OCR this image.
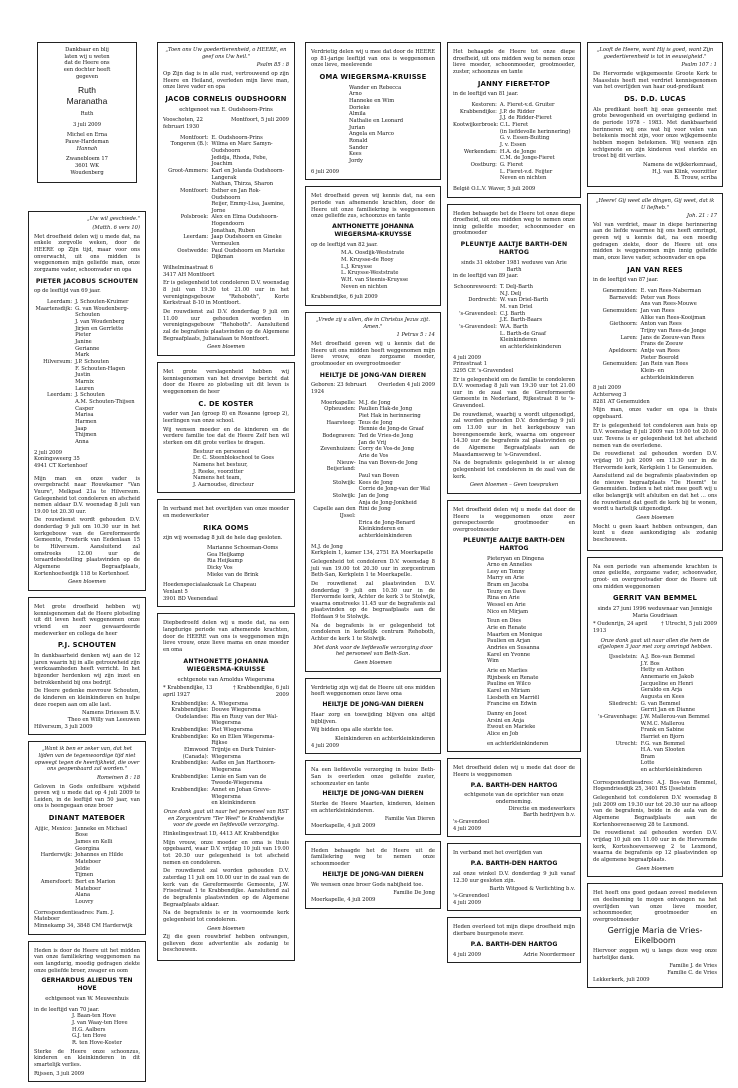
Dankbaar en blij
laten wij u weten
dat de Heere ons
een dochter heeft
gegeven
Ruth
Maranatha
Ruth
3 juli 2009
Michel en Erna
Pauw-Hardeman
Hannah
Zwanebloem 17
3601 WK
Woudenberg
„Uw wil geschiede."
(Matth. 6 vers 10)
Met droefheid delen wij u mede dat, na enkele zorgvolle weken, door de HEERE op Zijn tijd, maar voor ons onverwacht, uit ons midden is weggenomen mijn geliefde man, onze zorgzame vader, schoonvader en opa
PIETER JACOBUS SCHOUTEN
op de leeftijd van 69 jaar.
Leerdam: J. Schouten-Kruimer
Maartensdijk: G. van Woudenberg-Schouten
J. van Woudenberg
Jirjen en Gerrlette
Pieter
Janine
Gerianne
Mark
Hilversum: J.P. Schouten
F. Schouten-Hagen
Justin
Marnix
Lauren
Leerdam: J. Schouten
A.M. Schouten-Thijsen
Casper
Marisa
Harmen
Jaap
Thijmen
Anna
2 juli 2009
Koningsweerg 35
4941 CT Kortenhoef
Mijn man en onze vader is overgebracht naar Rouwkamer "Van Vuure", Melkpad 21a te Hilversum. Gelegenheid tot condoleren en afscheid nemen aldaar D.V. woensdag 8 juli van 19.00 tot 20.30 uur.
De rouwdienst wordt gehouden D.V. donderdag 9 juli om 10.30 uur in het kerkgebouw van de Gereformeerde Gemeente, Frederik van Eedenlaan 15 te Hilversum. Aansluitend zal omstreeks 12.00 uur de teraardebestelling plaatsvinden op de Algemene Begraafplaats, Kortenhoefsedijk 118 te Kortenhoef.
Geen bloemen
Met grote droefheid hebben wij kennisgenomen dat de Heere plotseling uit dit leven heeft weggenomen onze vriend en zeer gewaardeerde medewerker en collega de heer
P.J. SCHOUTEN
In dankbaarheid denken wij aan de 12 jaren waarin hij in alle getrouwheid zijn werkzaamheden heeft verricht. In het bijzonder herdenken wij zijn inzet en betrokkenheid bij ons bedrijf.
De Heere gedenke mevrouw Schouten, de kinderen en kleinkinderen en hulpe deze roepen aan om alle last.
Namens Driessen B.V.
Theo en Willy van Leeuwen
Hilversum, 3 juli 2009
„Want ik ben er zeker van, dat het lijden van de tegenwoordige tijd niet opweegt tegen de heerlijkheid, die over ons geopenbaard zal worden."
Romeinen 8 : 18
Geloven in Gods onfeilbare wijsheid geven wij u mede dat op 4 juli 2009 te Leiden, in de leeftijd van 50 jaar, van ons is heengegaan onze broer
DINANT MATEBOER
Ajijic, Mexico: Janneke en Michael Bose
James en Kelli
Georgina
Harderwijk: Johannes en Hilde Mateboer
Jeldie
Tijmen
Amersfoort: Bert en Marion Mateboer
Alana
Louvry
Correspondentieadres: Fam. J. Mateboer
Minnekamp 34, 3848 CM Harderwijk
Heden is door de Heere uit het midden van onze familiekring weggenomen na een langdurig, moedig gedragen ziekte onze geliefde broer, zwager en oom
GERHARDUS ALIEDUS TEN HOVE
echtgenoot van W. Meuwenhuis
in de leeftijd van 70 jaar.
J. Baan-ten Hove
J. van Waay-ten Hove
H.G. Aalbers
G.J. ten Hove
R. ten Hove-Koster
Sterke de Heere onze schoonzus, kinderen en kleinkinderen in dit smartelijk verlies.
Rijssen, 3 juli 2009
„Toen ons Uw goedertierenheid, o HEERE, en geef ons Uw heil."
Psalm 85 : 8
Op Zijn dag is in alle rust, vertrouwend op zijn Heere en Heiland, overleden mijn lieve man, onze lieve vader en opa
JACOB CORNELIS OUDSHOORN
echtgenoot van E. Oudshoorn-Prins
Vooschoten, 22 februari 1930
Montfoort, 5 juli 2009
Montfoort: E. Oudshoorn-Prins
Tongeren (B.): Wilma en Marc Samyn-Oudshoorn
Jedidja, Rhoda, Febe, Joachim
Groot-Ammers: Karl en Jolanda Oudshoorn-Langerak
Nathan, Thirza, Sharon
Montfoort: Esther en Jan Rok-Oudshoorn
Reijer, Emmy-Lisa, Jasmine, Jorne
Polsbroek: Alex en Elma Oudshoorn-Hogendoorn
Jonathan, Ruben
Leerdam: Jaap Oudshoorn en Gineke Vermeulen
Oostwedde: Paul Oudshoorn en Marieke Dijkman
Wilhelminastraat 6
3417 AH Montfoort
Er is gelegenheid tot condoleren D.V. woensdag 8 juli van 19.30 tot 21.00 uur in het verenigingsgebouw "Rehoboth", Korte Kerkstraat 8-10 in Montfoort.
De rouwdienst zal D.V. donderdag 9 juli om 11.00 uur gehouden worden in verenigingsgebouw "Rehoboth". Aansluitend zal de begrafenis plaatsvinden op de Algemene Begraafplaats, Julianalaan te Montfoort.
Geen bloemen
Met grote verslagenheid hebben wij kennisgenomen van het droevige bericht dat door de Heere zo plotseling uit dit leven is weggenomen de heer
C. DE KOSTER
vader van Jan (groep 8) en Rosanne (groep 2), leerlingen van onze school.
Wij wensen moeder en de kinderen en de verdere familie toe dat de Heere Zelf hen wil sterken om dit grote verlies te dragen.
Bestuur en personeel
Dr. C. Steenblokschool te Goes
Namens het bestuur,
J. Reeke, voorzitter
Namens het team,
J. Aarnoudse, directeur
In verband met het overlijden van onze moeder en medewerkster
RIKA OOMS
zijn wij woensdag 8 juli de hele dag gesloten.
Marianne Schoeman-Ooms
Gea Heijkamp
Ria Heijkamp
Dicky Vos
Mieke van de Brink
Hoedenspecialaakzaak Le Chapeau
Venlant 5
3901 BD Veenendaal
Diepbedroefd delen wij u mede dat, na een langdurige periode van afnemende krachten, door de HEERE van ons is weggenomen mijn lieve vrouw, onze lieve mama en onze moeder en oma
ANTHONETTE JOHANNA WIEGERSMA-KRUISSE
echtgenote van Arnoldus Wiegersma
* Krabbendijke, 13 april 1927
† Krabbendijke, 6 juli 2009
Krabbendijke: A. Wiegersma
Krabbendijke: Douwe Wiegersma
Oudelandse: Ria en Ruuy van der Wal-Wiegersma
Krabbendijke: Piet Wiegersma
Krabbendijke: Ko en Ellen Wiegersma-Rijkse
Elmwood (Canada):
Trijntje en Durk Tuinier-Wiegersma
Krabbendijke: Aafke en Jan Harthoorn-Wiegersma
Krabbendijke: Lenie en Sam van de Tweede-Wiegersma
Krabbendijke: Annet en Johan Greve-Wiegersma
en kleinkinderen
Onze dank gaat uit naar het personeel van RST en Zorgcentrum "Ter Weel" te Krabbendijke voor de goede en liefdevolle verzorging.
Hinkelingestraat 1D, 4413 AE Krabbendijke
Mijn vrouw, onze moeder en oma is thuis opgebaard, waar D.V. vrijdag 10 juli van 19.00 tot 20.30 uur gelegenheid is tot afscheid nemen en condoleren.
De rouwdienst zal worden gehouden D.V. zaterdag 11 juli om 10.00 uur in de zaal van de kerk van de Gereformeerde Gemeente, J.W. Frisostraat 1 te Krabbendijke. Aansluitend zal de begrafenis plaatsvinden op de Algemene Begraafplaats aldaar.
Na de begrafenis is er in voornoemde kerk gelegenheid tot condoleren.
Geen bloemen
Zij die geen rouwbrief hebben ontvangen, gelieven deze advertentie als zodanig te beschouwen.
Verdrietig delen wij u mee dat door de HEERE op 81-jarige leeftijd van ons is weggenomen onze lieve, meelevende
OMA WIEGERSMA-KRUISSE
Wander en Rebecca
Arno
Hanneke en Wim
Dorieke
Almila
Nathalie en Leonard
Jurian
Angela en Marco
Ronald
Sander
Kees
Jordy
6 juli 2009
Met droefheid geven wij kennis dat, na een periode van afnemende krachten, door de Heere uit onze familiekring is weggenomen onze geliefde zus, schoonzus en tante
ANTHONETTE JOHANNA WIEGERSMA-KRUYSSE
op de leeftijd van 82 jaar.
M.A. Oosdijk-Weststrate
M. Kruysse-de Rooy
L.J. Kruysse
L. Kruysse-Weststrate
W.H. van Steenis-Kruysse
Neven en nichten
Krabbendijke, 6 juli 2009
„Vrede zij u allen, die in Christus Jezus zijt. Amen."
1 Petrus 5 : 14
Met droefheid geven wij u kennis dat de Heere uit ons midden heeft weggenomen mijn lieve vrouw, onze zorgzame moeder, grootmoeder en overgrootmoeder
HEILTJE DE JONG-VAN DIEREN
Geboren: 23 februari 1924
Overleden 4 juli 2009
Moerkapelle: M.J. de Jong
Opheusden: Paulien Hak-de Jong
Piet Hak in herinnering
Haarsteeg: Teus de Jong
Hennie de Jong-de Graaf
Bodegraven: Ted de Vries-de Jong
Jan de Vrij
Zevenhuizen: Corry de Vos-de Jong
Arie de Vos
Nieuw-Beijerland:
Ina van Boven-de Jong
Paul van Boven
Stolwijk: Kees de Jong
Corrie de Jong-van der Wal
Stolwijk: Jan de Jong
Anja de Jong-Jonkheid
Capelle aan den IJssel:
Rini de Jong
Erica de Jong-Benard
Kleinkinderen en achterkleinkinderen
M.J. de Jong
Kerkplein 1, kamer 134, 2751 EA Moerkapelle
Gelegenheid tot condoleren D.V. woensdag 8 juli van 19.00 tot 20.30 uur in zorgcentrum Beth-San, Kerkplein 1 te Moerkapelle.
De rouwdienst zal plaatsvinden D.V. donderdag 9 juli om 10.30 uur in de Hervormde kerk, Achter de kerk 3 te Stolwijk, waarna omstreeks 11.45 uur de begrafenis zal plaatsvinden op de begraafplaats aan de Hofdaan 9 te Stolwijk.
Na de begrafenis is er gelegenheid tot condoleren in kerkelijk centrum Rehoboth, Achter de kerk 1 te Stolwijk.
Met dank voor de liefdevolle verzorging door het personeel van Beth-San.
Geen bloemen
Verdrietig zijn wij dat de Heere uit ons midden heeft weggenomen onze lieve oma
HEILTJE DE JONG-VAN DIEREN
Haar zorg en toewijding blijven ons altijd bijblijven.
Wij bidden opa alle sterkte toe.
Kleinkinderen en achterkleinkinderen
4 juli 2009
Na een liefdevolle verzorging in huize Beth-San is overleden onze geliefde zuster, schoonzuster en tante
HEILTJE DE JONG-VAN DIEREN
Sterke de Heere Maarten, kinderen, kleinen en achterkleinkinderen.
Familie Van Dieren
Moerkapelle, 4 juli 2009
Heden behaagde het de Heere uit de familiekring weg te nemen onze schoonmoeder
HEILTJE DE JONG-VAN DIEREN
We wensen onze broer Gods nabijheid toe.
Familie De Jong
Moerkapelle, 4 juli 2009
Het behaagde de Heere tot onze diepe droefheid, uit ons midden weg te nemen onze lieve moeder, schoonmoeder, grootmoeder, zuster, schoonzus en tante
JANNY FIERET-TOP
in de leeftijd van 81 jaar.
Kestoren: A. Fieret-v.d. Gruiter
Krabbendijke: J.P. de Ridder
J.J. de Ridder-Fieret
Kootwijkerbroek: C.L. Fieret
(in liefdevolle herinnering)
G. v. Essen-Buiting
J. v. Essen
Werkendam: H.A. de Jonge
C.M. de Jonge-Fieret
Oostburg: G. Fieret
L. Fieret-v.d. Feijter
Neven en nichten
België O.L.V. Waver, 5 juli 2009
Heden behaagde het de Heere tot onze diepe droefheid, uit ons midden weg te nemen onze innig geliefde moeder, schoonmoeder en grootmoeder
PLEUNTJE AALTJE BARTH-DEN HARTOG
sinds 31 oktober 1981 weduwe van Arie Barth
in de leeftijd van 89 jaar.
Schoonrewoerd: T. Delj-Barth
N.J. Delj
Dordrecht: W. van Driel-Barth
M. van Driel
's-Gravendeel: C.J. Barth
J.E. Barth-Baars
's-Gravendeel: W.A. Barth
L. Barth-de Graaf
Kleinkinderen
en achterkleinkinderen
4 juli 2009
Prinsstraat 1
3295 CE 's-Gravendeel
Er is gelegenheid om de familie te condoleren D.V. woensdag 8 juli van 19.30 uur tot 21.00 uur in de zaal van de Gereformeerde Gemeente in Nederland, Rijkestraat 8 te 's-Gravendeel.
De rouwdienst, waarbij u wordt uitgenodigd, zal worden gehouden D.V. donderdag 9 juli om 13.00 uur in het kerkgebouw van bovengenoemde kerk, waarna om ongeveer 14.30 uur de begrafenis zal plaatsvinden op de Algemene Begraafplaats aan de Maasdamseweg te 's-Gravendeel.
Na de begrafenis gelegenheid is er alsnog gelegenheid tot condoleren in de zaal van de kerk.
Geen bloemen – Geen toespraken
Met droefheid delen wij u mede dat door de Heere is weggenomen onze zeer gerespecteerde grootmoeder en overgrootmoeder
PLEUNTJE AALTJE BARTH-DEN HARTOG
Pieteryan en Dingena
Arno en Annelies
Lesy en Tonny
Marry en Arie
Bram en Jacoba
Teuny en Dave
Rina en Arie
Wessel en Arie
Nico en Mirjam
Teun en Dies
Arie en Renate
Maarten en Monique
Paulien en Arjan
Andries en Susanna
Karel en Yvonne
Wim
Arie en Marlies
Rijnbeek en Renate
Pauline en Wilco
Karel en Miriam
Liesbeth en Marriël
Francine en Edwin
Danny en Joost
Arsini en Anja
Ewout en Marieke
Alice en Job
en achterkleinkinderen
Met droefheid delen wij u mede dat door de Heere is weggenomen
P.A. BARTH-DEN HARTOG
echtgenote van de oprichter van onze onderneming.
Directie en medewerkers
Barth hedrijven b.v.
's-Gravendeel
4 juli 2009
In verband met het overlijden van
P.A. BARTH-DEN HARTOG
zal onze winkel D.V. donderdag 9 juli vanaf 12.30 uur gesloten zijn.
Barth Witgoed & Verlichting b.v.
's-Gravendeel
4 juli 2009
Heden overleed tot mijn diepe droefheid mijn dierbare buurgenote mevr.
P.A. BARTH-DEN HARTOG
4 juli 2009	Adrie Noordermeer
„Looft de Heere, want Hij is goed, want Zijn goedertierenheid is tot in eeuwigheid."
Psalm 107 : 1
De Hervormde wijkgemeente Groote Kerk te Maassluis heeft met verdriet kennisgenomen van het overlijden van haar oud-predikant
DS. D.D. LUCAS
Als predikant heeft hij onze gemeente met grote bewogenheid en overtuiging gediend in de periode 1978 - 1983. Met dankbaarheid herinneren wij ons wat hij voor velen van betekenis mocht zijn, voor onze wijkgemeente hebben mogen betekenen. Wij wensen zijn echtgenote en zijn kinderen veel sterkte en troost bij dit verlies.
Namens de wijkkerkenraad,
H.J. van Klink, voorzitter
B. Trouw, scriba
„Heere! Gij weet alle dingen, Gij weet, dat ik U liefheb."
Joh. 21 : 17
Vol van verdriet, maar in diepe herinnering aan de liefde waarmee hij ons heeft omringd, geven wij u kennis dat, na een moedig gedragen ziekte, door de Heere uit ons midden is weggenomen mijn innig geliefde man, onze lieve vader, schoonvader en opa
JAN VAN REES
in de leeftijd van 87 jaar.
Genemuiden: E. van Rees-Naberman
Barneveld: Peter van Rees
Ans van Rees-Mouwe
Genemuiden: Jan van Rees
Alike van Rees-Kooijman
Giethoorn: Anton van Rees
Trijny van Rees-de Jonge
Laren: Jans de Zeeuw-van Rees
Frans de Zeeuw
Apeldoorn: Antje van Rees
Pieter Boerold
Genemuiden: Jan Rein van Rees
Klein- en achterkleinkinderen
8 juli 2009
Achterweg 3
8281 AT Genemuiden
Mijn man, onze vader en opa is thuis opgebaard.
Er is gelegenheid tot condoleren aan huis op D.V. woensdag 8 juli 2009 van 19.00 tot 20.00 uur. Tevens is er gelegenheid tot het afscheid nemen van de overledene.
De rouwdienst zal gehouden worden D.V. vrijdag 10 juli 2009 om 13.30 uur in de Hervormde kerk, Kerkplein 1 te Genemuiden.
Aansluitend zal de begrafenis plaatsvinden op de nieuwe begraafplaats "De Heemt" te Genemuiden. Indien u het niet mee geeft wij u elke belangrijk wilt afsluiten en dat het ... ons de rouwdienst dat geeft de kerk bij te wonen, wordt u hartelijk uitgenodigd.
Geen bloemen
Mocht u geen kaart hebben ontvangen, dan kunt u deze aankondiging als zodanig beschouwen.
Na een periode van afnemende krachten is onze geliefde, zorgzame vader, schoonvader, groot- en overgrootvader door de Heere uit ons midden weggenomen
GERRIT VAN BEMMEL
sinds 27 juni 1996 weduwnaar van Jennigje Maria Goudriaan
* Oudenrijn, 24 april 1913
† Utrecht, 5 juli 2009
Onze dank gaat uit naar allen die hem de afgelopen 3 jaar met zorg omringd hebben.
IJsselstein: A.J. Bos-van Bemmel
J.Y. Bos
Hetty en Anthon
Annemarie en Jakob
Jacqueline en Henri
Geraldo en Arja
Augusta en Kees
Sliedrecht: G. van Bemmel
Gerrit Jan en Dianne
's-Gravenhage: J.W. Mallerou-van Bemmel
W.M.C. Mallerou
Frank en Sabine
Harriet en Bjorn
Utrecht: F.G. van Bemmel
H.A. van Slooten
Bram
Lotte
en achterkleinkinderen
Correspondentieadres: A.J. Bos-van Bemmel, Hogendriesdijk 25, 3401 RS IJsselstein
Gelegenheid tot condoleren D.V. woensdag 8 juli 2009 om 19.30 uur tot 20.30 uur na afloop van de begrafenis, beide in de aula van de Algemene Begraafplaats aan de Kortenhoevenseweg 28 te Lexmond.
De rouwdienst zal gehouden worden D.V. vrijdag 10 juli om 11.00 uur in de Hervormde kerk, Korteshoevenseweg 2 te Lexmond, waarna de begrafenis op 12 plaatsvinden op de algemene begraafplaats.
Geen bloemen
Het heeft ons goed gedaan zoveel medeleven en deelneming te mogen ontvangen na het overlijden van onze lieve moeder, schoonmoeder, grootmoeder en overgrootmoeder
Gerrigje Maria de Vries-Eikelboom
Hiervoor zeggen wij u langs deze weg onze hartelijke dank.
Familie J. de Vries
Familie C. de Vries
Lekkerkerk, juli 2009
